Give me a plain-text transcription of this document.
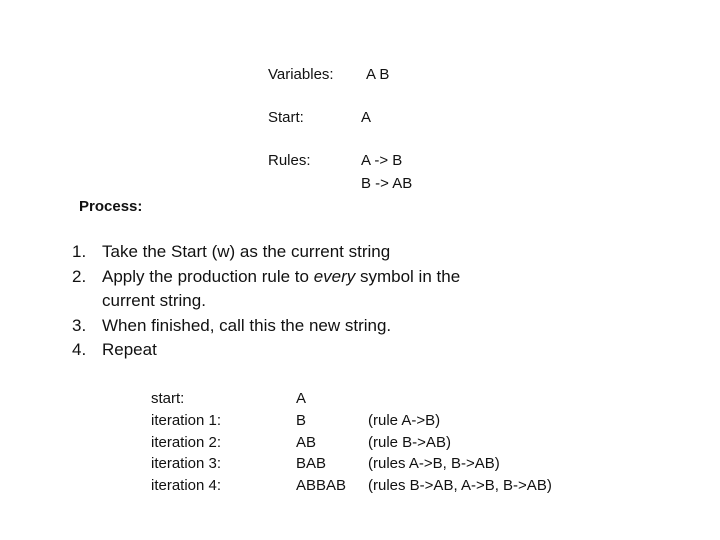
Variables: A B
Start:	A
Rules:	A -> B
B -> AB
Process:
1. Take the Start (w) as the current string
2. Apply the production rule to every symbol in the current string.
3. When finished, call this the new string.
4. Repeat
start:
iteration 1:
iteration 2:
iteration 3:
iteration 4:
A
B
AB
BAB
ABBAB
(rule A->B)
(rule B->AB)
(rules A->B, B->AB)
(rules B->AB, A->B, B->AB)
